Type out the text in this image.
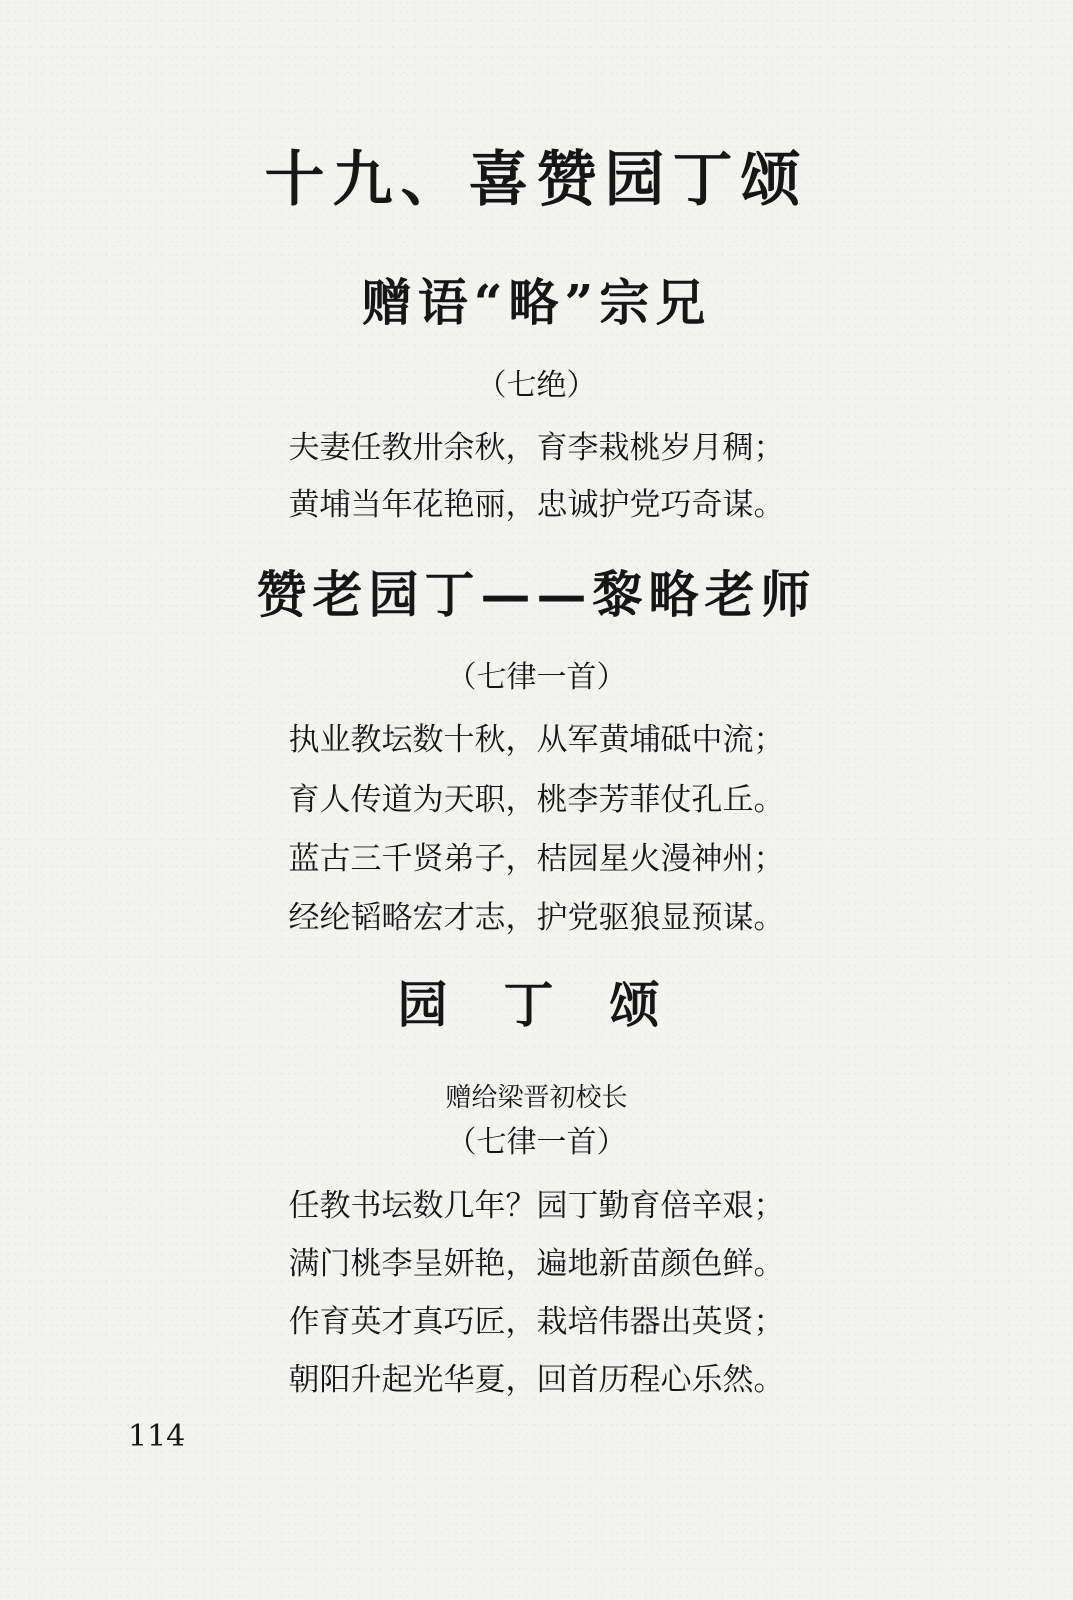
十九、喜赞园丁颂
赠语“略”宗兄
（七绝）
夫妻任教卅余秋，育李栽桃岁月稠；
黄埔当年花艳丽，忠诚护党巧奇谋。
赞老园丁——黎略老师
（七律一首）
执业教坛数十秋，从军黄埔砥中流；
育人传道为天职，桃李芳菲仗孔丘。
蓝古三千贤弟子，桔园星火漫神州；
经纶韬略宏才志，护党驱狼显预谋。
园丁颂
赠给梁晋初校长
（七律一首）
任教书坛数几年？园丁勤育倍辛艰；
满门桃李呈妍艳，遍地新苗颜色鲜。
作育英才真巧匠，栽培伟器出英贤；
朝阳升起光华夏，回首历程心乐然。
114
